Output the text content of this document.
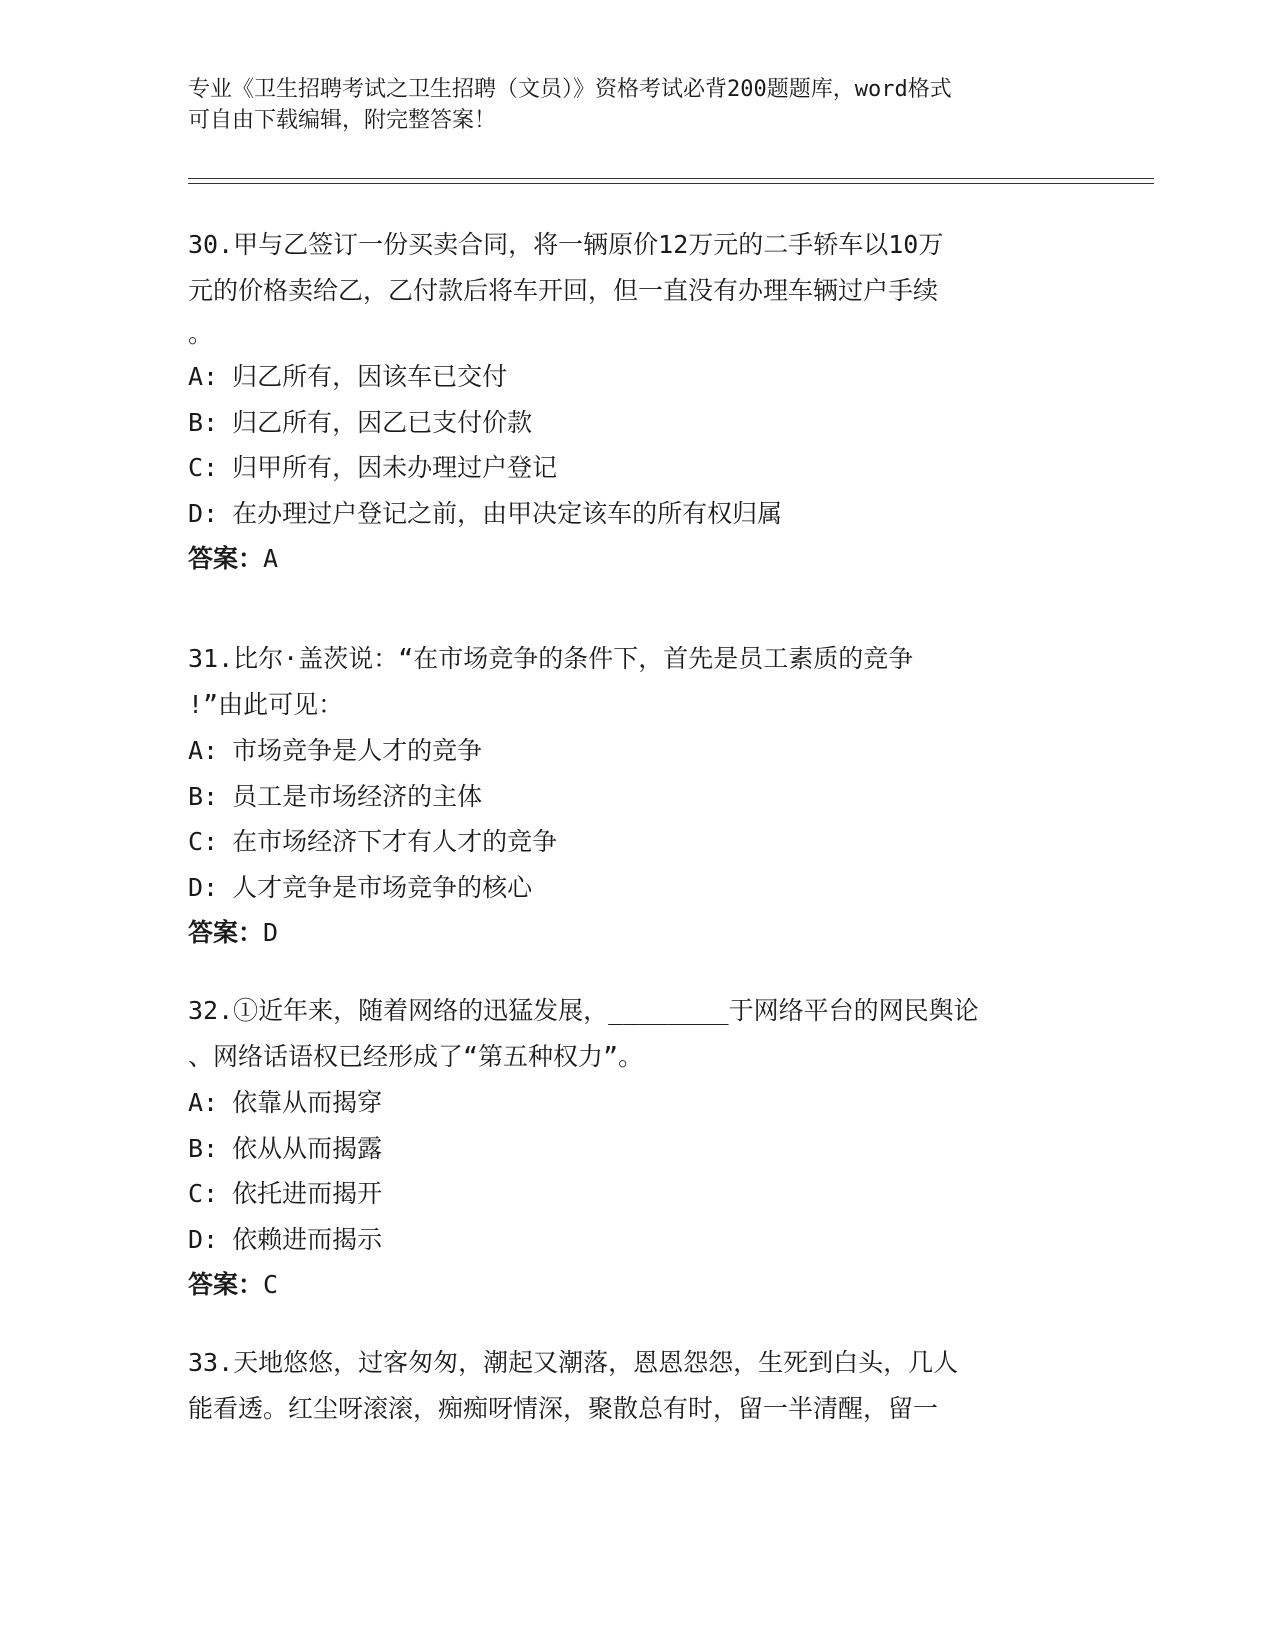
专业《卫生招聘考试之卫生招聘（文员）》资格考试必背200题题库，word格式
可自由下载编辑，附完整答案！

30.甲与乙签订一份买卖合同，将一辆原价12万元的二手轿车以10万

元的价格卖给乙，乙付款后将车开回，但一直没有办理车辆过户手续

。

A: 归乙所有，因该车已交付

B: 归乙所有，因乙已支付价款

C: 归甲所有，因未办理过户登记

D: 在办理过户登记之前，由甲决定该车的所有权归属

答案：A

31.比尔·盖茨说：“在市场竞争的条件下，首先是员工素质的竞争

!”由此可见：

A: 市场竞争是人才的竞争

B: 员工是市场经济的主体

C: 在市场经济下才有人才的竞争

D: 人才竞争是市场竞争的核心

答案：D

32.①近年来，随着网络的迅猛发展，________于网络平台的网民舆论

、网络话语权已经形成了“第五种权力”。

A: 依靠从而揭穿

B: 依从从而揭露

C: 依托进而揭开

D: 依赖进而揭示

答案：C

33.天地悠悠，过客匆匆，潮起又潮落，恩恩怨怨，生死到白头，几人

能看透。红尘呀滚滚，痴痴呀情深，聚散总有时，留一半清醒，留一
